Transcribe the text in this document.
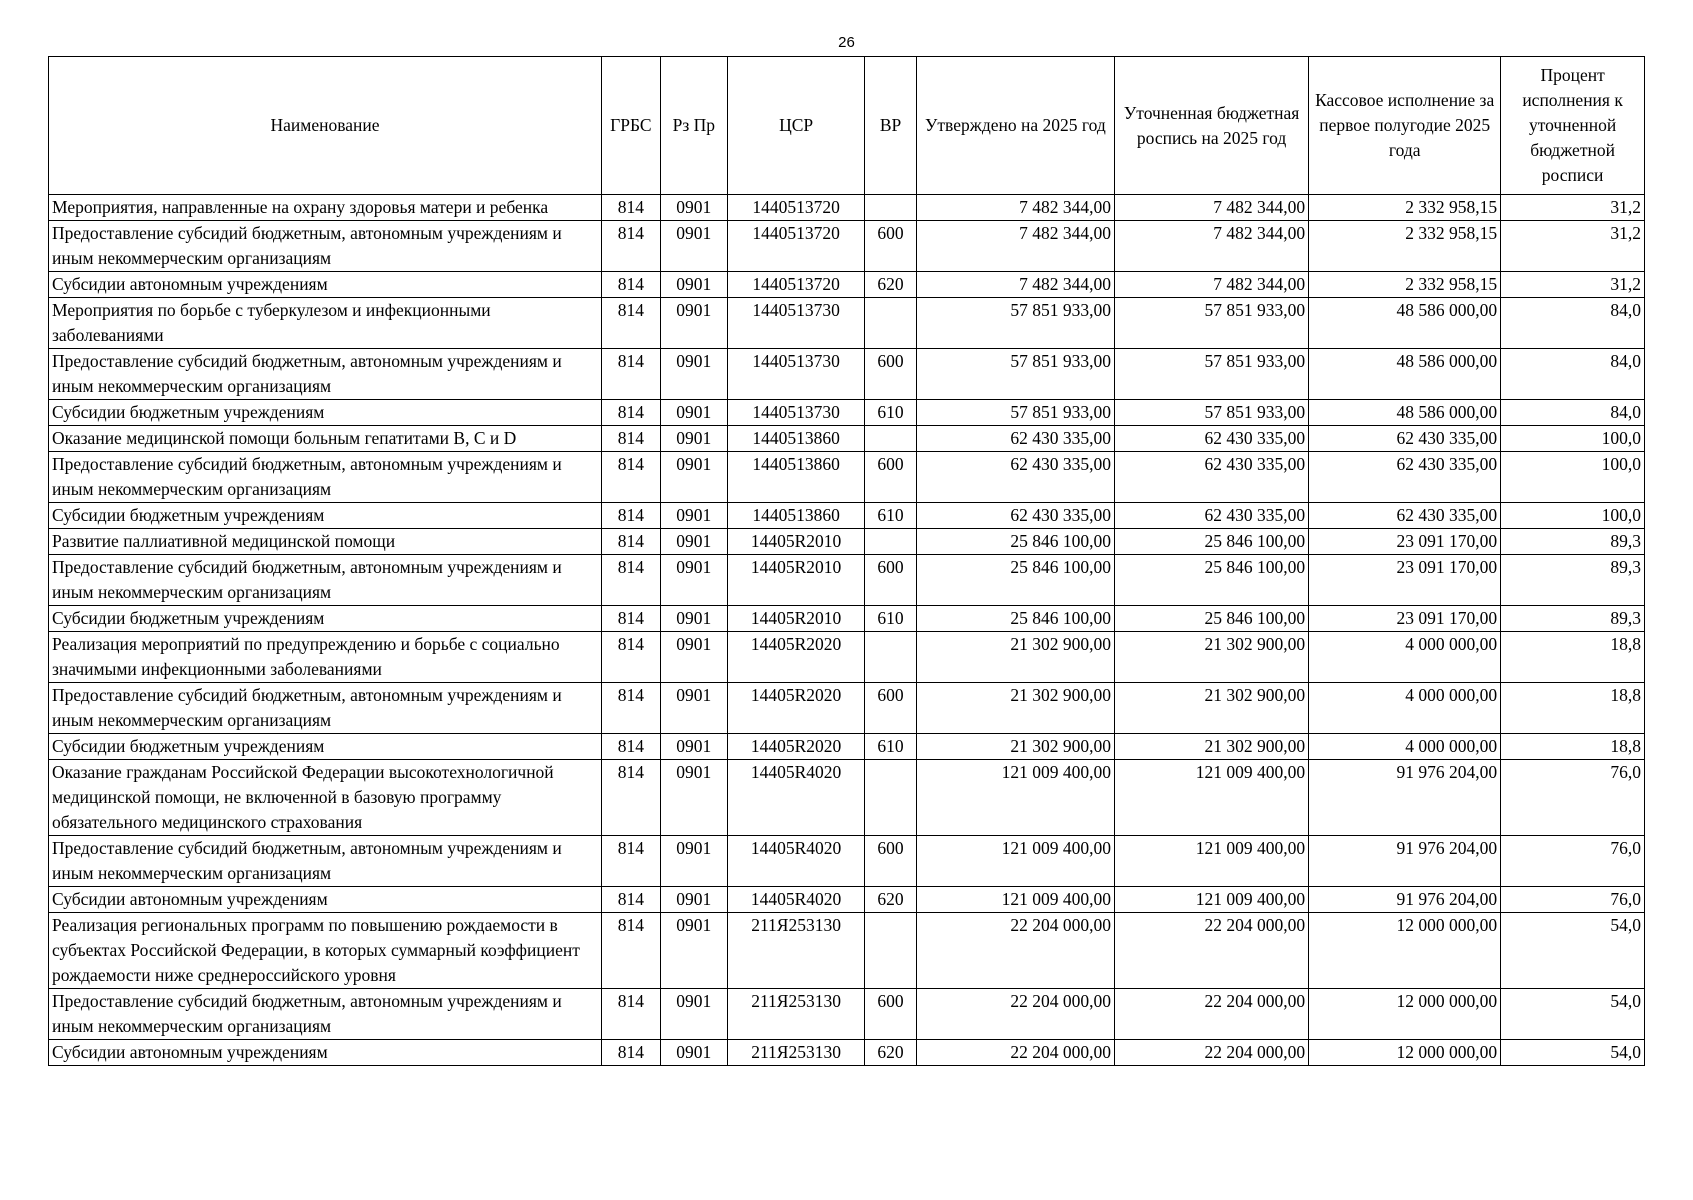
26
Наименование	ГРБС	Рз Пр	ЦСР	ВР	Утверждено на 2025 год	Уточненная бюджетная роспись на 2025 год	Кассовое исполнение за первое полугодие 2025 года	Процент исполнения к уточненной бюджетной росписи
Мероприятия, направленные на охрану здоровья матери и ребенка	814	0901	1440513720		7 482 344,00	7 482 344,00	2 332 958,15	31,2
Предоставление субсидий бюджетным, автономным учреждениям и иным некоммерческим организациям	814	0901	1440513720	600	7 482 344,00	7 482 344,00	2 332 958,15	31,2
Субсидии автономным учреждениям	814	0901	1440513720	620	7 482 344,00	7 482 344,00	2 332 958,15	31,2
Мероприятия по борьбе с туберкулезом и инфекционными заболеваниями	814	0901	1440513730		57 851 933,00	57 851 933,00	48 586 000,00	84,0
Предоставление субсидий бюджетным, автономным учреждениям и иным некоммерческим организациям	814	0901	1440513730	600	57 851 933,00	57 851 933,00	48 586 000,00	84,0
Субсидии бюджетным учреждениям	814	0901	1440513730	610	57 851 933,00	57 851 933,00	48 586 000,00	84,0
Оказание медицинской помощи больным гепатитами В, С и D	814	0901	1440513860		62 430 335,00	62 430 335,00	62 430 335,00	100,0
Предоставление субсидий бюджетным, автономным учреждениям и иным некоммерческим организациям	814	0901	1440513860	600	62 430 335,00	62 430 335,00	62 430 335,00	100,0
Субсидии бюджетным учреждениям	814	0901	1440513860	610	62 430 335,00	62 430 335,00	62 430 335,00	100,0
Развитие паллиативной медицинской помощи	814	0901	14405R2010		25 846 100,00	25 846 100,00	23 091 170,00	89,3
Предоставление субсидий бюджетным, автономным учреждениям и иным некоммерческим организациям	814	0901	14405R2010	600	25 846 100,00	25 846 100,00	23 091 170,00	89,3
Субсидии бюджетным учреждениям	814	0901	14405R2010	610	25 846 100,00	25 846 100,00	23 091 170,00	89,3
Реализация мероприятий по предупреждению и борьбе с социально значимыми инфекционными заболеваниями	814	0901	14405R2020		21 302 900,00	21 302 900,00	4 000 000,00	18,8
Предоставление субсидий бюджетным, автономным учреждениям и иным некоммерческим организациям	814	0901	14405R2020	600	21 302 900,00	21 302 900,00	4 000 000,00	18,8
Субсидии бюджетным учреждениям	814	0901	14405R2020	610	21 302 900,00	21 302 900,00	4 000 000,00	18,8
Оказание гражданам Российской Федерации высокотехнологичной медицинской помощи, не включенной в базовую программу обязательного медицинского страхования	814	0901	14405R4020		121 009 400,00	121 009 400,00	91 976 204,00	76,0
Предоставление субсидий бюджетным, автономным учреждениям и иным некоммерческим организациям	814	0901	14405R4020	600	121 009 400,00	121 009 400,00	91 976 204,00	76,0
Субсидии автономным учреждениям	814	0901	14405R4020	620	121 009 400,00	121 009 400,00	91 976 204,00	76,0
Реализация региональных программ по повышению рождаемости в субъектах Российской Федерации, в которых суммарный коэффициент рождаемости ниже среднероссийского уровня	814	0901	211Я253130		22 204 000,00	22 204 000,00	12 000 000,00	54,0
Предоставление субсидий бюджетным, автономным учреждениям и иным некоммерческим организациям	814	0901	211Я253130	600	22 204 000,00	22 204 000,00	12 000 000,00	54,0
Субсидии автономным учреждениям	814	0901	211Я253130	620	22 204 000,00	22 204 000,00	12 000 000,00	54,0
